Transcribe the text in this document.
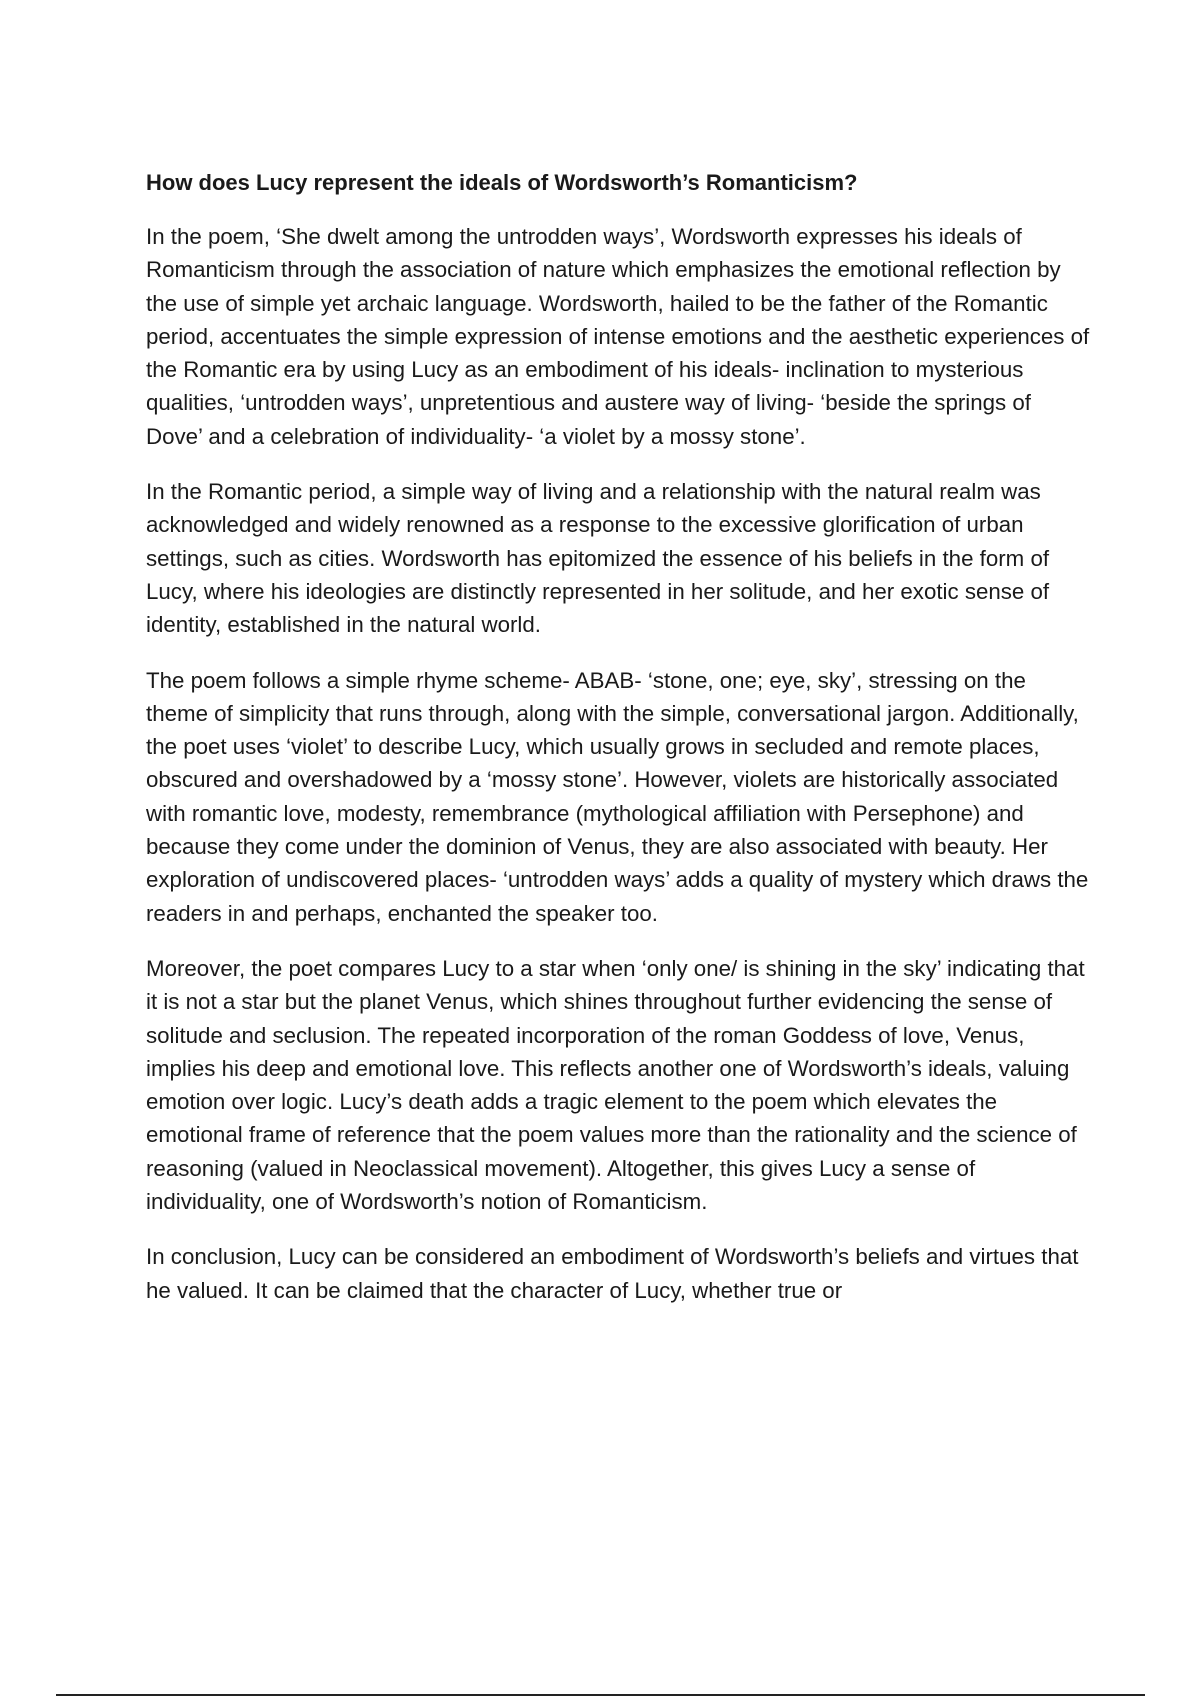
How does Lucy represent the ideals of Wordsworth’s Romanticism?

In the poem, ‘She dwelt among the untrodden ways’, Wordsworth expresses his ideals of Romanticism through the association of nature which emphasizes the emotional reflection by the use of simple yet archaic language. Wordsworth, hailed to be the father of the Romantic period, accentuates the simple expression of intense emotions and the aesthetic experiences of the Romantic era by using Lucy as an embodiment of his ideals- inclination to mysterious qualities, ‘untrodden ways’, unpretentious and austere way of living- ‘beside the springs of Dove’ and a celebration of individuality- ‘a violet by a mossy stone’.

In the Romantic period, a simple way of living and a relationship with the natural realm was acknowledged and widely renowned as a response to the excessive glorification of urban settings, such as cities. Wordsworth has epitomized the essence of his beliefs in the form of Lucy, where his ideologies are distinctly represented in her solitude, and her exotic sense of identity, established in the natural world.

The poem follows a simple rhyme scheme- ABAB- ‘stone, one; eye, sky’, stressing on the theme of simplicity that runs through, along with the simple, conversational jargon. Additionally, the poet uses ‘violet’ to describe Lucy, which usually grows in secluded and remote places, obscured and overshadowed by a ‘mossy stone’. However, violets are historically associated with romantic love, modesty, remembrance (mythological affiliation with Persephone) and because they come under the dominion of Venus, they are also associated with beauty. Her exploration of undiscovered places- ‘untrodden ways’ adds a quality of mystery which draws the readers in and perhaps, enchanted the speaker too.

Moreover, the poet compares Lucy to a star when ‘only one/ is shining in the sky’ indicating that it is not a star but the planet Venus, which shines throughout further evidencing the sense of solitude and seclusion. The repeated incorporation of the roman Goddess of love, Venus, implies his deep and emotional love. This reflects another one of Wordsworth’s ideals, valuing emotion over logic. Lucy’s death adds a tragic element to the poem which elevates the emotional frame of reference that the poem values more than the rationality and the science of reasoning (valued in Neoclassical movement). Altogether, this gives Lucy a sense of individuality, one of Wordsworth’s notion of Romanticism.

In conclusion, Lucy can be considered an embodiment of Wordsworth’s beliefs and virtues that he valued. It can be claimed that the character of Lucy, whether true or
